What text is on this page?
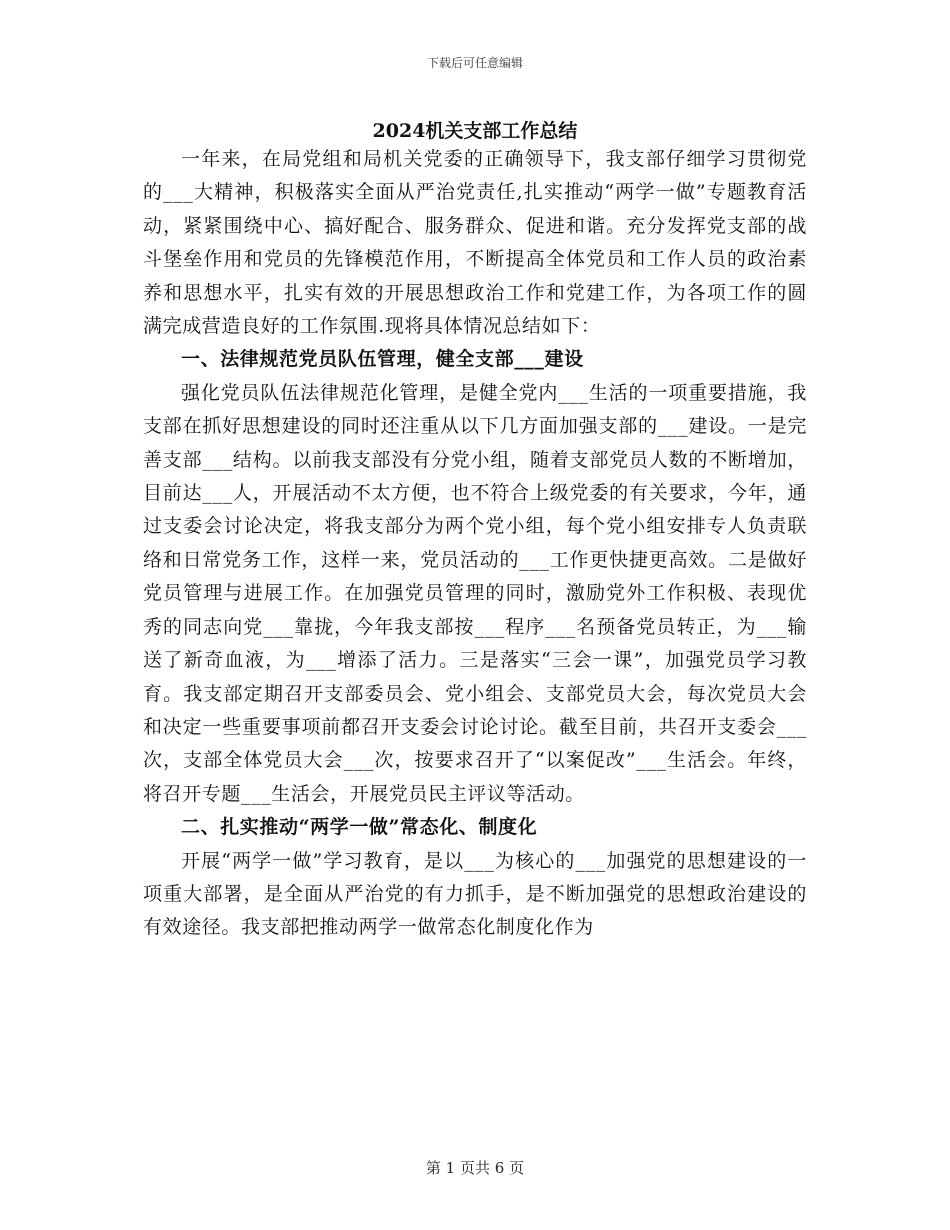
下载后可任意编辑
2024机关支部工作总结

一年来，在局党组和局机关党委的正确领导下，我支部仔细学习贯彻党的___大精神，积极落实全面从严治党责任,扎实推动“两学一做”专题教育活动，紧紧围绕中心、搞好配合、服务群众、促进和谐。充分发挥党支部的战斗堡垒作用和党员的先锋模范作用，不断提高全体党员和工作人员的政治素养和思想水平，扎实有效的开展思想政治工作和党建工作，为各项工作的圆满完成营造良好的工作氛围.现将具体情况总结如下：

一、法律规范党员队伍管理，健全支部___建设

强化党员队伍法律规范化管理，是健全党内___生活的一项重要措施，我支部在抓好思想建设的同时还注重从以下几方面加强支部的___建设。一是完善支部___结构。以前我支部没有分党小组，随着支部党员人数的不断增加，目前达___人，开展活动不太方便，也不符合上级党委的有关要求，今年，通过支委会讨论决定，将我支部分为两个党小组，每个党小组安排专人负责联络和日常党务工作，这样一来，党员活动的___工作更快捷更高效。二是做好党员管理与进展工作。在加强党员管理的同时，激励党外工作积极、表现优秀的同志向党___靠拢，今年我支部按___程序___名预备党员转正，为___输送了新奇血液，为___增添了活力。三是落实“三会一课”，加强党员学习教育。我支部定期召开支部委员会、党小组会、支部党员大会，每次党员大会和决定一些重要事项前都召开支委会讨论讨论。截至目前，共召开支委会___次，支部全体党员大会___次，按要求召开了“以案促改”___生活会。年终，将召开专题___生活会，开展党员民主评议等活动。

二、扎实推动“两学一做”常态化、制度化

开展“两学一做”学习教育，是以___为核心的___加强党的思想建设的一项重大部署，是全面从严治党的有力抓手，是不断加强党的思想政治建设的有效途径。我支部把推动两学一做常态化制度化作为

第 1 页共 6 页
